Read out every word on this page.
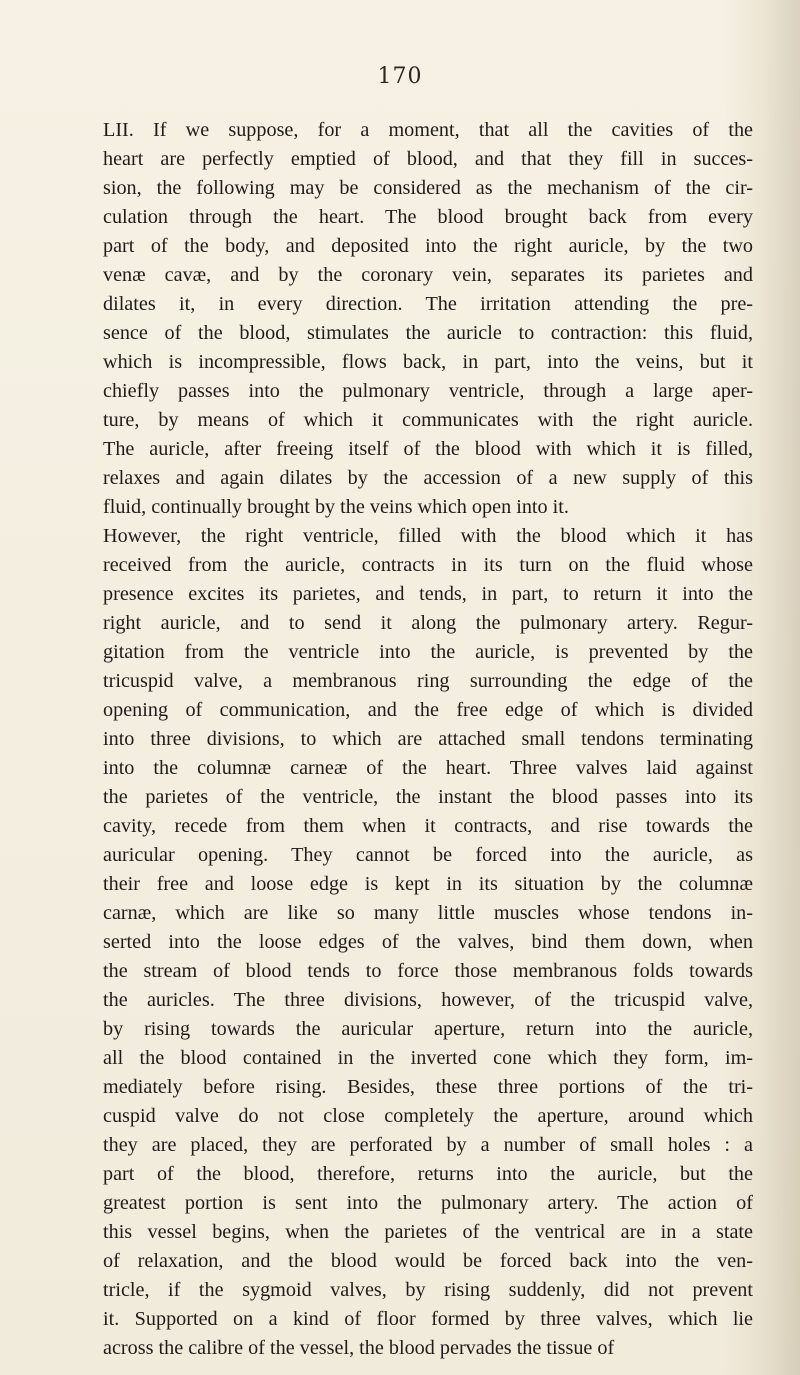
170
LII. If we suppose, for a moment, that all the cavities of the
heart are perfectly emptied of blood, and that they fill in succes-
sion, the following may be considered as the mechanism of the cir-
culation through the heart. The blood brought back from every
part of the body, and deposited into the right auricle, by the two
venæ cavæ, and by the coronary vein, separates its parietes and
dilates it, in every direction. The irritation attending the pre-
sence of the blood, stimulates the auricle to contraction: this fluid,
which is incompressible, flows back, in part, into the veins, but it
chiefly passes into the pulmonary ventricle, through a large aper-
ture, by means of which it communicates with the right auricle.
The auricle, after freeing itself of the blood with which it is filled,
relaxes and again dilates by the accession of a new supply of this
fluid, continually brought by the veins which open into it.
However, the right ventricle, filled with the blood which it has
received from the auricle, contracts in its turn on the fluid whose
presence excites its parietes, and tends, in part, to return it into the
right auricle, and to send it along the pulmonary artery. Regur-
gitation from the ventricle into the auricle, is prevented by the
tricuspid valve, a membranous ring surrounding the edge of the
opening of communication, and the free edge of which is divided
into three divisions, to which are attached small tendons terminating
into the columnæ carneæ of the heart. Three valves laid against
the parietes of the ventricle, the instant the blood passes into its
cavity, recede from them when it contracts, and rise towards the
auricular opening. They cannot be forced into the auricle, as
their free and loose edge is kept in its situation by the columnæ
carnæ, which are like so many little muscles whose tendons in-
serted into the loose edges of the valves, bind them down, when
the stream of blood tends to force those membranous folds towards
the auricles. The three divisions, however, of the tricuspid valve,
by rising towards the auricular aperture, return into the auricle,
all the blood contained in the inverted cone which they form, im-
mediately before rising. Besides, these three portions of the tri-
cuspid valve do not close completely the aperture, around which
they are placed, they are perforated by a number of small holes : a
part of the blood, therefore, returns into the auricle, but the
greatest portion is sent into the pulmonary artery. The action of
this vessel begins, when the parietes of the ventrical are in a state
of relaxation, and the blood would be forced back into the ven-
tricle, if the sygmoid valves, by rising suddenly, did not prevent
it. Supported on a kind of floor formed by three valves, which lie
across the calibre of the vessel, the blood pervades the tissue of
